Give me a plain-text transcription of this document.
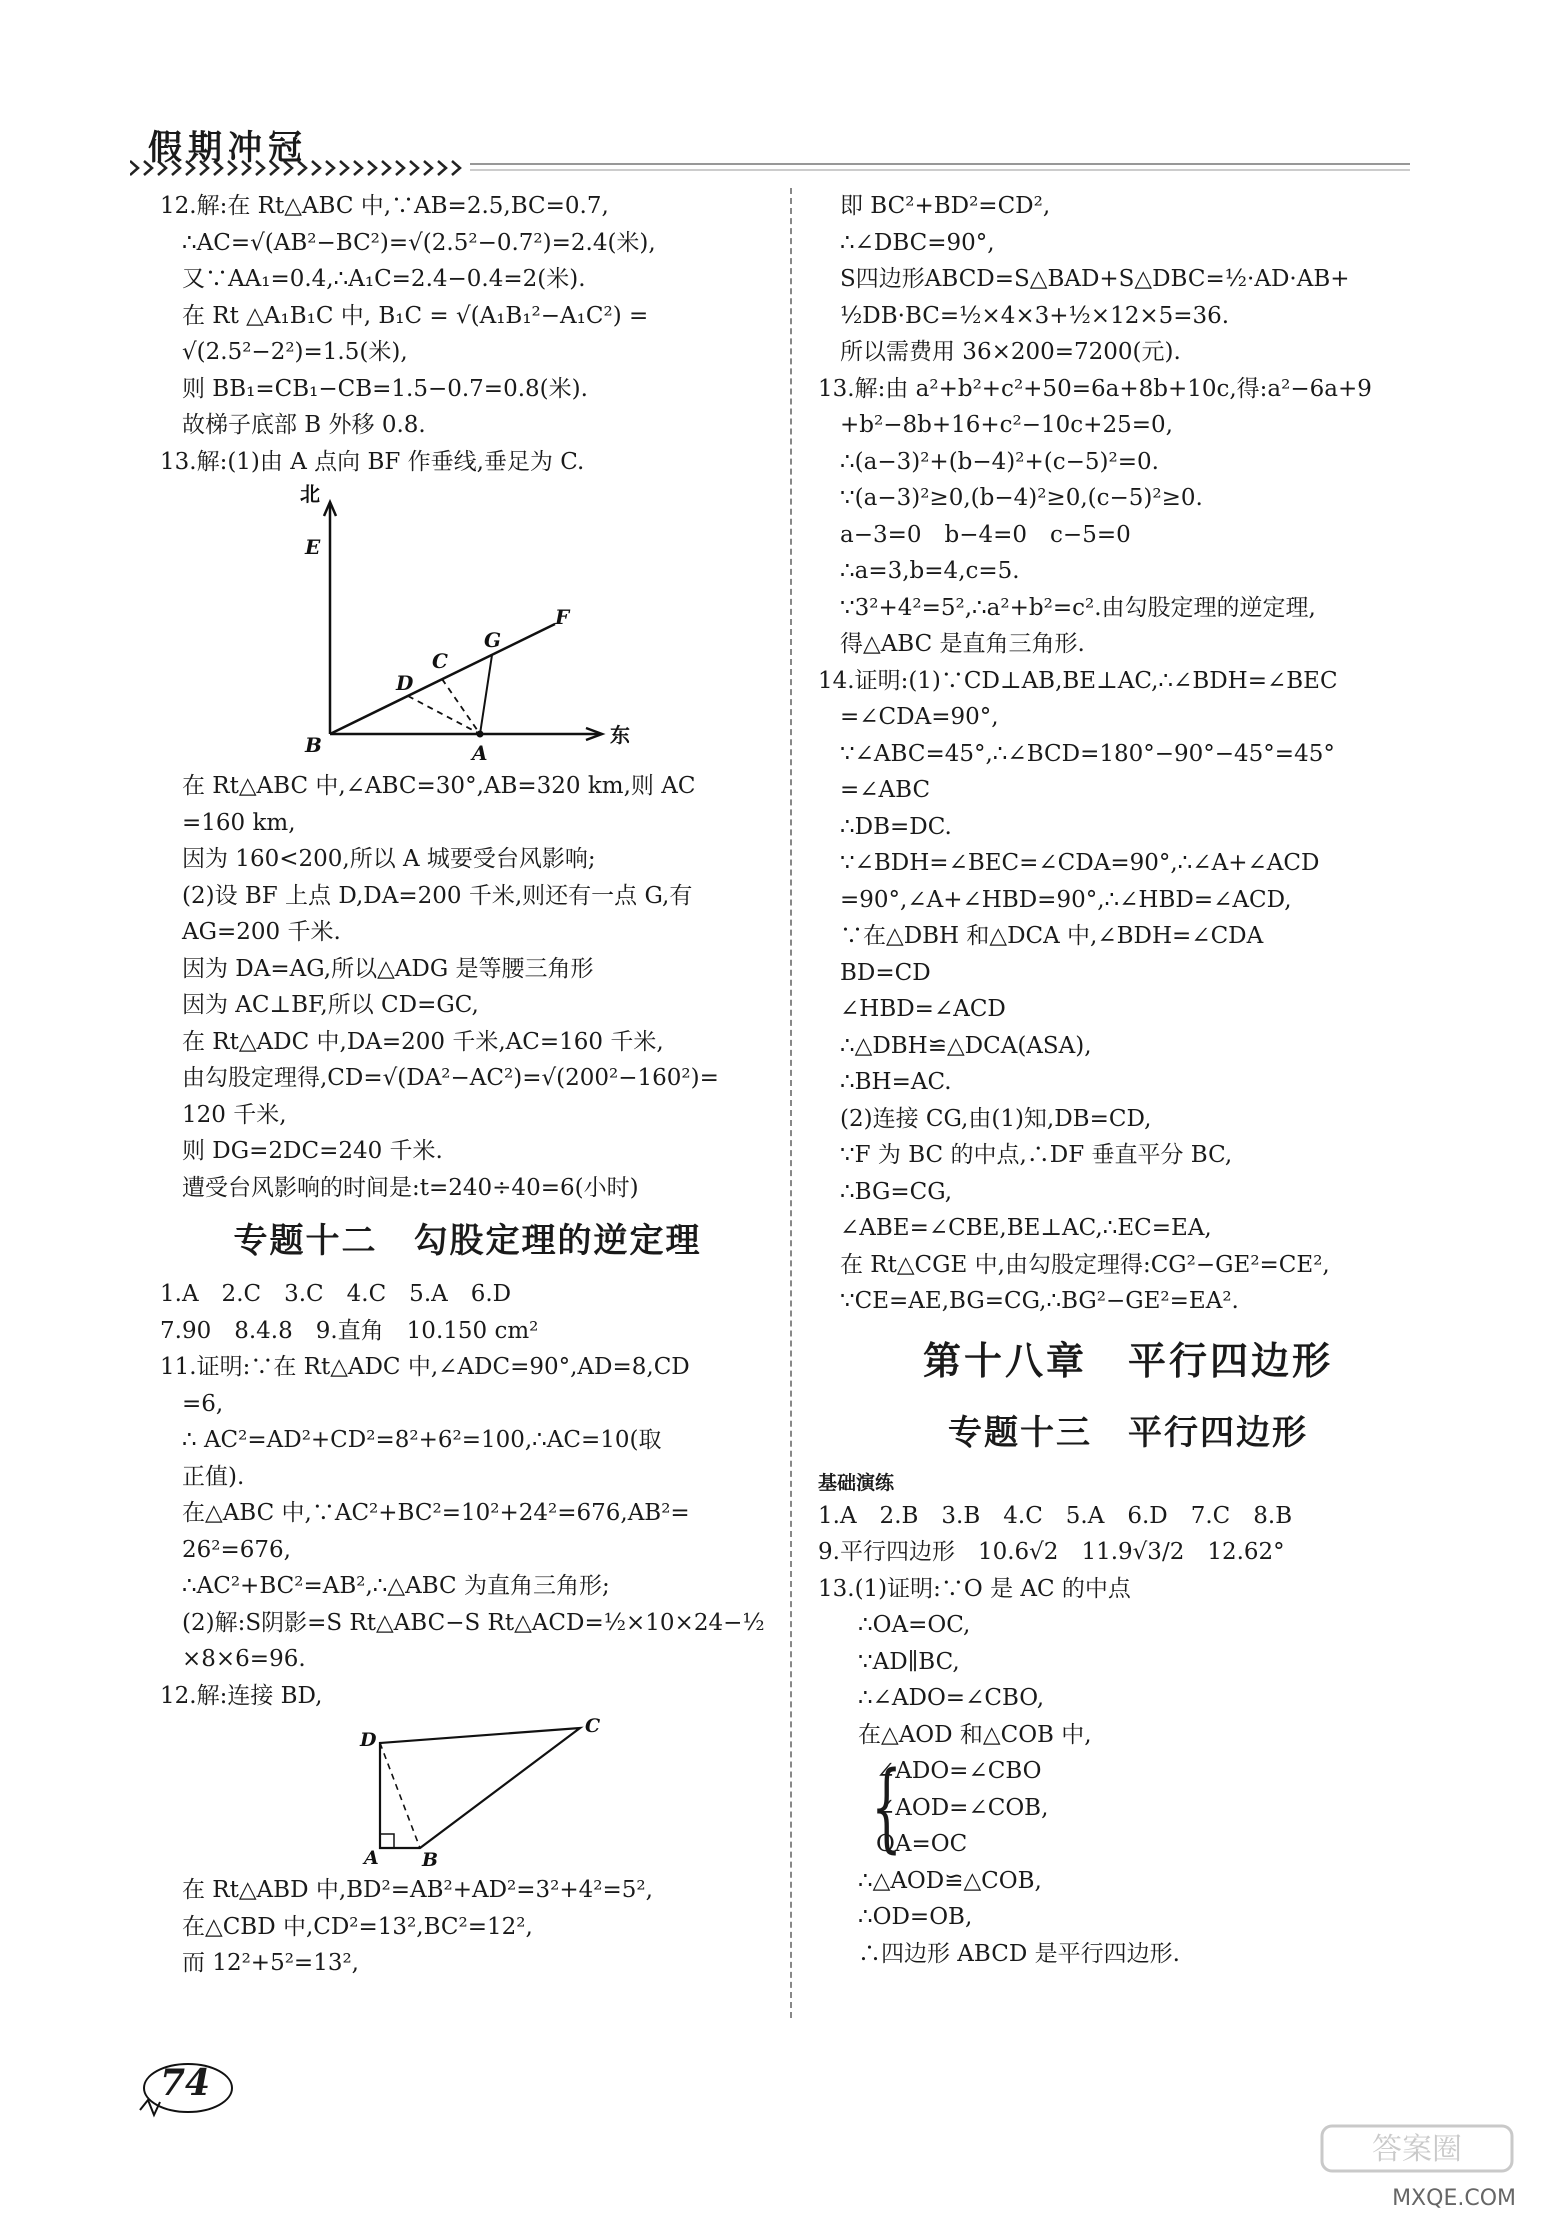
假期冲冠

12.解:在 Rt△ABC 中,∵AB=2.5,BC=0.7,

∴AC=√(AB²−BC²)=√(2.5²−0.7²)=2.4(米),

又∵AA₁=0.4,∴A₁C=2.4−0.4=2(米).

在 Rt △A₁B₁C 中, B₁C = √(A₁B₁²−A₁C²) =

√(2.5²−2²)=1.5(米),

则 BB₁=CB₁−CB=1.5−0.7=0.8(米).

故梯子底部 B 外移 0.8.

13.解:(1)由 A 点向 BF 作垂线,垂足为 C.

北
E
F
G
C
D
B	A
东

在 Rt△ABC 中,∠ABC=30°,AB=320 km,则 AC

=160 km,

因为 160<200,所以 A 城要受台风影响;

(2)设 BF 上点 D,DA=200 千米,则还有一点 G,有

AG=200 千米.

因为 DA=AG,所以△ADG 是等腰三角形

因为 AC⊥BF,所以 CD=GC,

在 Rt△ADC 中,DA=200 千米,AC=160 千米,

由勾股定理得,CD=√(DA²−AC²)=√(200²−160²)=

120 千米,

则 DG=2DC=240 千米.

遭受台风影响的时间是:t=240÷40=6(小时)

专题十二　勾股定理的逆定理

1.A　2.C　3.C　4.C　5.A　6.D

7.90　8.4.8　9.直角　10.150 cm²

11.证明:∵在 Rt△ADC 中,∠ADC=90°,AD=8,CD

=6,

∴ AC²=AD²+CD²=8²+6²=100,∴AC=10(取

正值).

在△ABC 中,∵AC²+BC²=10²+24²=676,AB²=

26²=676,

∴AC²+BC²=AB²,∴△ABC 为直角三角形;

(2)解:S阴影=S Rt△ABC−S Rt△ACD=½×10×24−½

×8×6=96.

12.解:连接 BD,

D
C
A B

在 Rt△ABD 中,BD²=AB²+AD²=3²+4²=5²,

在△CBD 中,CD²=13²,BC²=12²,

而 12²+5²=13²,

即 BC²+BD²=CD²,

∴∠DBC=90°,

S四边形ABCD=S△BAD+S△DBC=½·AD·AB+

½DB·BC=½×4×3+½×12×5=36.

所以需费用 36×200=7200(元).

13.解:由 a²+b²+c²+50=6a+8b+10c,得:a²−6a+9

+b²−8b+16+c²−10c+25=0,

∴(a−3)²+(b−4)²+(c−5)²=0.

∵(a−3)²≥0,(b−4)²≥0,(c−5)²≥0.

a−3=0　b−4=0　c−5=0

∴a=3,b=4,c=5.

∵3²+4²=5²,∴a²+b²=c².由勾股定理的逆定理,

得△ABC 是直角三角形.

14.证明:(1)∵CD⊥AB,BE⊥AC,∴∠BDH=∠BEC

=∠CDA=90°,

∵∠ABC=45°,∴∠BCD=180°−90°−45°=45°

=∠ABC

∴DB=DC.

∵∠BDH=∠BEC=∠CDA=90°,∴∠A+∠ACD

=90°,∠A+∠HBD=90°,∴∠HBD=∠ACD,

∵在△DBH 和△DCA 中,∠BDH=∠CDA

BD=CD

∠HBD=∠ACD

∴△DBH≌△DCA(ASA),

∴BH=AC.

(2)连接 CG,由(1)知,DB=CD,

∵F 为 BC 的中点,∴DF 垂直平分 BC,

∴BG=CG,

∠ABE=∠CBE,BE⊥AC,∴EC=EA,

在 Rt△CGE 中,由勾股定理得:CG²−GE²=CE²,

∵CE=AE,BG=CG,∴BG²−GE²=EA².

第十八章　平行四边形
专题十三　平行四边形
基础演练

1.A　2.B　3.B　4.C　5.A　6.D　7.C　8.B

9.平行四边形　10.6√2　11.9√3/2　12.62°

13.(1)证明:∵O 是 AC 的中点

∴OA=OC,

∵AD∥BC,

∴∠ADO=∠CBO,

在△AOD 和△COB 中,

{

∠ADO=∠CBO

∠AOD=∠COB,

OA=OC

∴△AOD≌△COB,

∴OD=OB,

∴四边形 ABCD 是平行四边形.

74
答案圈
MXQE.COM
